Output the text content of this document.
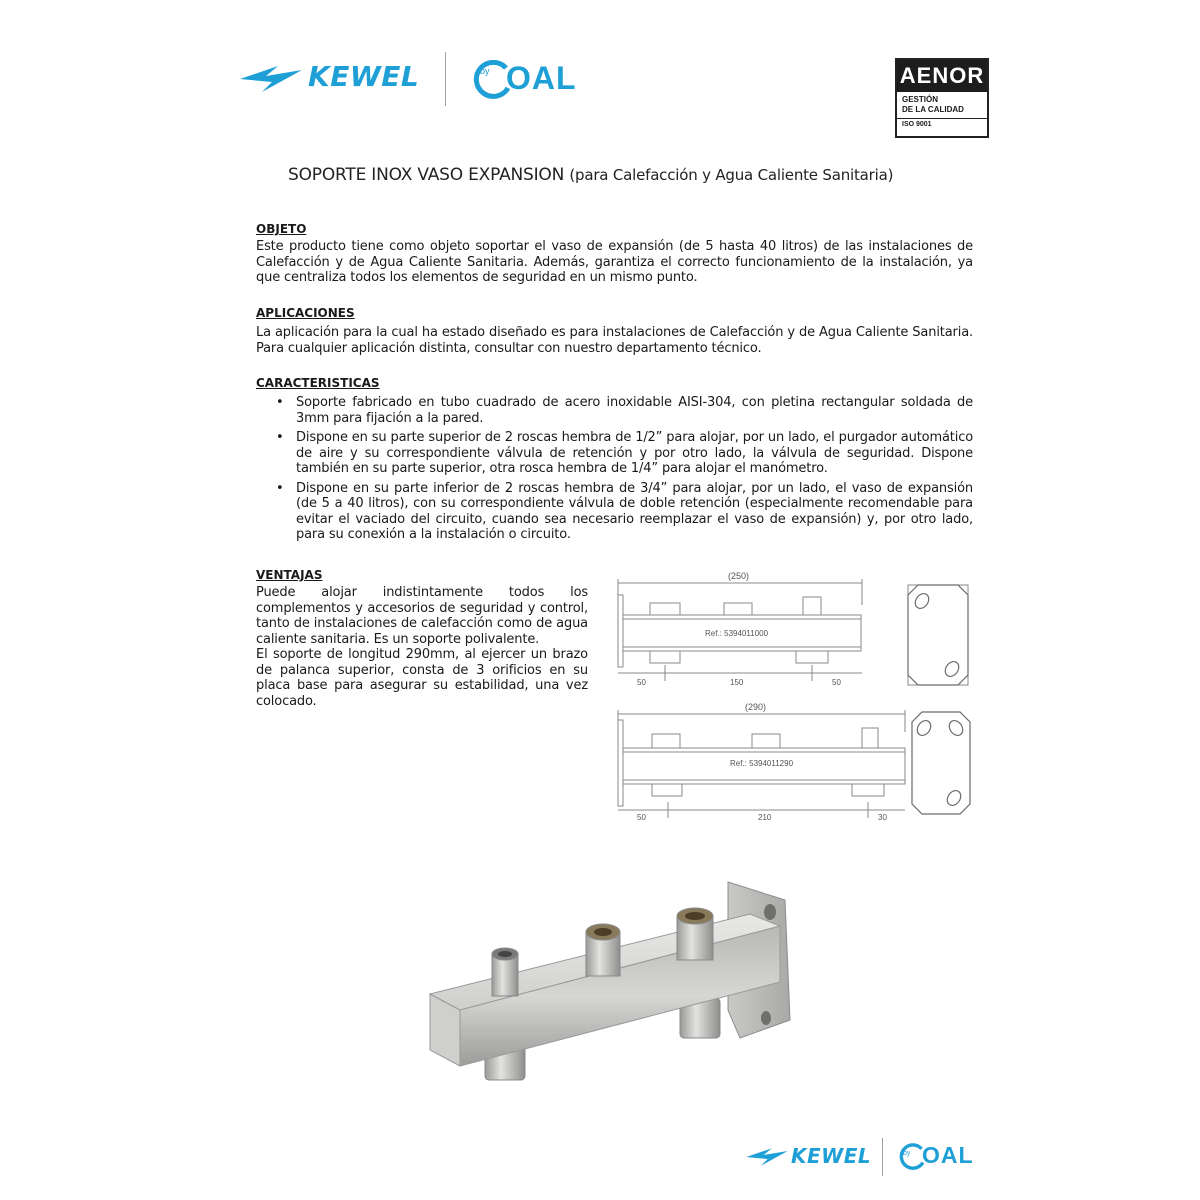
KEWEL	by OAL	AENOR
GESTIÓN
DE LA CALIDAD
ISO 9001
SOPORTE INOX VASO EXPANSION (para Calefacción y Agua Caliente Sanitaria)
OBJETO
Este producto tiene como objeto soportar el vaso de expansión (de 5 hasta 40 litros) de las instalaciones de Calefacción y de Agua Caliente Sanitaria. Además, garantiza el correcto funcionamiento de la instalación, ya que centraliza todos los elementos de seguridad en un mismo punto.
APLICACIONES
La aplicación para la cual ha estado diseñado es para instalaciones de Calefacción y de Agua Caliente Sanitaria. Para cualquier aplicación distinta, consultar con nuestro departamento técnico.
CARACTERISTICAS
• Soporte fabricado en tubo cuadrado de acero inoxidable AISI-304, con pletina rectangular soldada de 3mm para fijación a la pared.
• Dispone en su parte superior de 2 roscas hembra de 1/2” para alojar, por un lado, el purgador automático de aire y su correspondiente válvula de retención y por otro lado, la válvula de seguridad. Dispone también en su parte superior, otra rosca hembra de 1/4” para alojar el manómetro.
• Dispone en su parte inferior de 2 roscas hembra de 3/4” para alojar, por un lado, el vaso de expansión (de 5 a 40 litros), con su correspondiente válvula de doble retención (especialmente recomendable para evitar el vaciado del circuito, cuando sea necesario reemplazar el vaso de expansión) y, por otro lado, para su conexión a la instalación o circuito.
VENTAJAS
Puede alojar indistintamente todos los complementos y accesorios de seguridad y control, tanto de instalaciones de calefacción como de agua caliente sanitaria. Es un soporte polivalente.
El soporte de longitud 290mm, al ejercer un brazo de palanca superior, consta de 3 orificios en su placa base para asegurar su estabilidad, una vez colocado.
(250)
Ref.: 5394011000
50	150	50
(290)
Ref.: 5394011290
50	210	30
KEWEL	by OAL
